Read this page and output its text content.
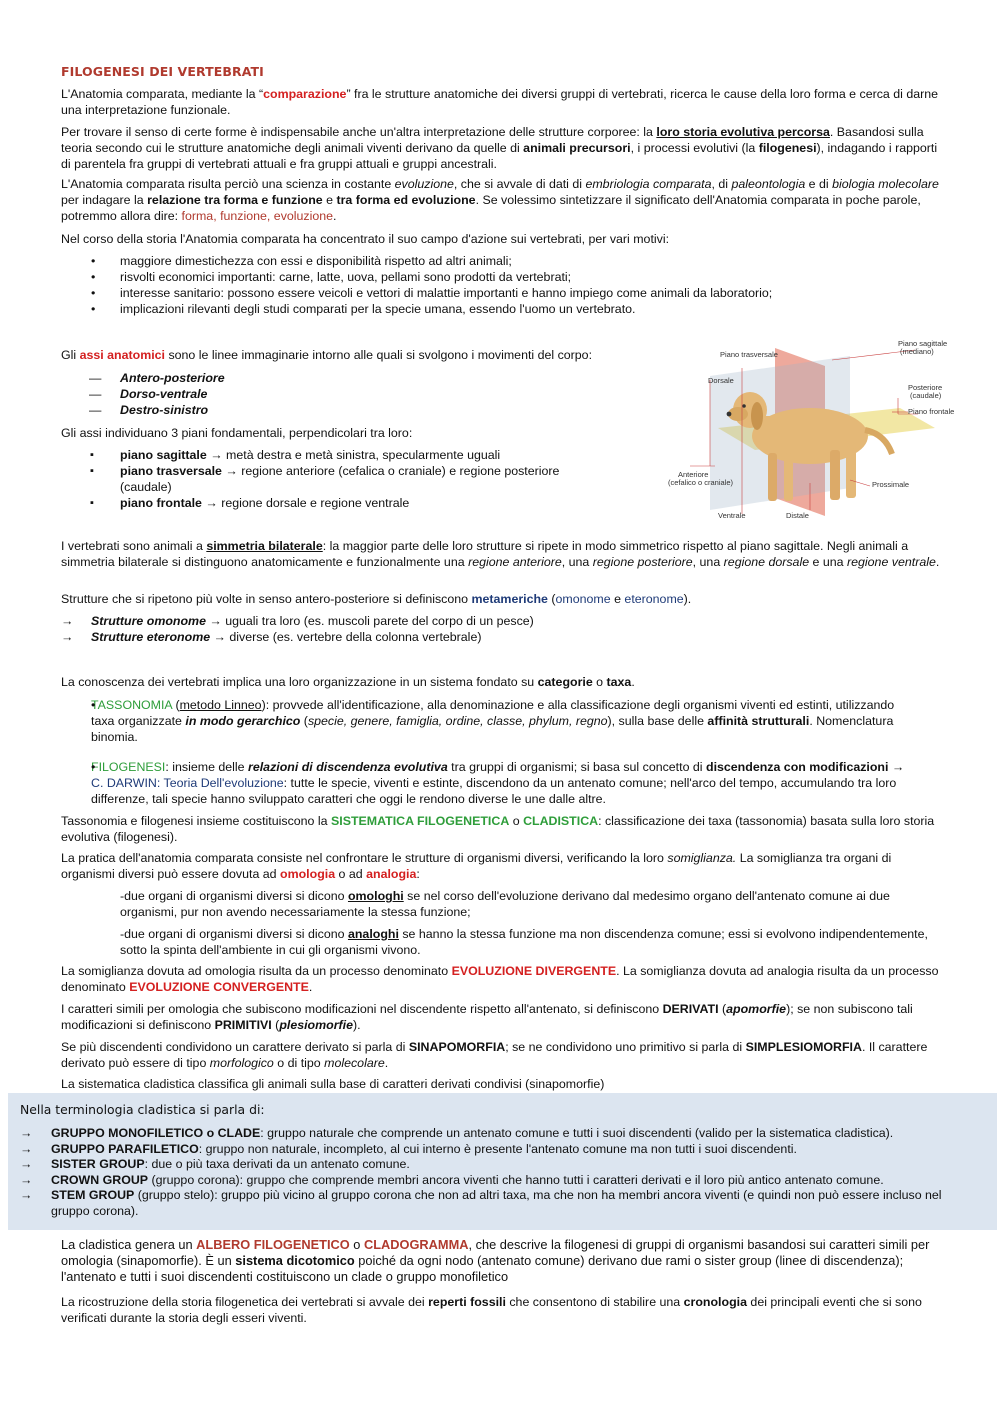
FILOGENESI DEI VERTEBRATI

L'Anatomia comparata, mediante la “comparazione” fra le strutture anatomiche dei diversi gruppi di vertebrati, ricerca le cause della loro forma e cerca di darne una interpretazione funzionale.

Per trovare il senso di certe forme è indispensabile anche un'altra interpretazione delle strutture corporee: la loro storia evolutiva percorsa. Basandosi sulla teoria secondo cui le strutture anatomiche degli animali viventi derivano da quelle di animali precursori, i processi evolutivi (la filogenesi), indagando i rapporti di parentela fra gruppi di vertebrati attuali e fra gruppi attuali e gruppi ancestrali.

L'Anatomia comparata risulta perciò una scienza in costante evoluzione, che si avvale di dati di embriologia comparata, di paleontologia e di biologia molecolare per indagare la relazione tra forma e funzione e tra forma ed evoluzione. Se volessimo sintetizzare il significato dell'Anatomia comparata in poche parole, potremmo allora dire: forma, funzione, evoluzione.

Nel corso della storia l'Anatomia comparata ha concentrato il suo campo d'azione sui vertebrati, per vari motivi:

• maggiore dimestichezza con essi e disponibilità rispetto ad altri animali;
• risvolti economici importanti: carne, latte, uova, pellami sono prodotti da vertebrati;
• interesse sanitario: possono essere veicoli e vettori di malattie importanti e hanno impiego come animali da laboratorio;
• implicazioni rilevanti degli studi comparati per la specie umana, essendo l'uomo un vertebrato.

Gli assi anatomici sono le linee immaginarie intorno alle quali si svolgono i movimenti del corpo:

— Antero-posteriore
— Dorso-ventrale
— Destro-sinistro

Gli assi individuano 3 piani fondamentali, perpendicolari tra loro:

▪ piano sagittale → metà destra e metà sinistra, specularmente uguali
▪ piano trasversale → regione anteriore (cefalica o craniale) e regione posteriore (caudale)
▪ piano frontale → regione dorsale e regione ventrale
Piano trasversale
Piano sagittale
(mediano)
Dorsale
Posteriore
(caudale)
Piano frontale
Anteriore
(cefalico o craniale)	Prossimale
Ventrale	Distale

I vertebrati sono animali a simmetria bilaterale: la maggior parte delle loro strutture si ripete in modo simmetrico rispetto al piano sagittale. Negli animali a simmetria bilaterale si distinguono anatomicamente e funzionalmente una regione anteriore, una regione posteriore, una regione dorsale e una regione ventrale.

Strutture che si ripetono più volte in senso antero-posteriore si definiscono metameriche (omonome e eteronome).

→ Strutture omonome → uguali tra loro (es. muscoli parete del corpo di un pesce)
→ Strutture eteronome → diverse (es. vertebre della colonna vertebrale)

La conoscenza dei vertebrati implica una loro organizzazione in un sistema fondato su categorie o taxa.

• TASSONOMIA (metodo Linneo): provvede all'identificazione, alla denominazione e alla classificazione degli organismi viventi ed estinti, utilizzando taxa organizzate in modo gerarchico (specie, genere, famiglia, ordine, classe, phylum, regno), sulla base delle affinità strutturali. Nomenclatura binomia.
• FILOGENESI: insieme delle relazioni di discendenza evolutiva tra gruppi di organismi; si basa sul concetto di discendenza con modificazioni → C. DARWIN: Teoria Dell'evoluzione: tutte le specie, viventi e estinte, discendono da un antenato comune; nell'arco del tempo, accumulando tra loro differenze, tali specie hanno sviluppato caratteri che oggi le rendono diverse le une dalle altre.

Tassonomia e filogenesi insieme costituiscono la SISTEMATICA FILOGENETICA o CLADISTICA: classificazione dei taxa (tassonomia) basata sulla loro storia evolutiva (filogenesi).

La pratica dell'anatomia comparata consiste nel confrontare le strutture di organismi diversi, verificando la loro somiglianza. La somiglianza tra organi di organismi diversi può essere dovuta ad omologia o ad analogia:

-due organi di organismi diversi si dicono omologhi se nel corso dell'evoluzione derivano dal medesimo organo dell'antenato comune ai due organismi, pur non avendo necessariamente la stessa funzione;

-due organi di organismi diversi si dicono analoghi se hanno la stessa funzione ma non discendenza comune; essi si evolvono indipendentemente, sotto la spinta dell'ambiente in cui gli organismi vivono.

La somiglianza dovuta ad omologia risulta da un processo denominato EVOLUZIONE DIVERGENTE. La somiglianza dovuta ad analogia risulta da un processo denominato EVOLUZIONE CONVERGENTE.

I caratteri simili per omologia che subiscono modificazioni nel discendente rispetto all'antenato, si definiscono DERIVATI (apomorfie); se non subiscono tali modificazioni si definiscono PRIMITIVI (plesiomorfie).

Se più discendenti condividono un carattere derivato si parla di SINAPOMORFIA; se ne condividono uno primitivo si parla di SIMPLESIOMORFIA. Il carattere derivato può essere di tipo morfologico o di tipo molecolare.

La sistematica cladistica classifica gli animali sulla base di caratteri derivati condivisi (sinapomorfie)

Nella terminologia cladistica si parla di:
→ GRUPPO MONOFILETICO o CLADE: gruppo naturale che comprende un antenato comune e tutti i suoi discendenti (valido per la sistematica cladistica).
→ GRUPPO PARAFILETICO: gruppo non naturale, incompleto, al cui interno è presente l'antenato comune ma non tutti i suoi discendenti.
→ SISTER GROUP: due o più taxa derivati da un antenato comune.
→ CROWN GROUP (gruppo corona): gruppo che comprende membri ancora viventi che hanno tutti i caratteri derivati e il loro più antico antenato comune.
→ STEM GROUP (gruppo stelo): gruppo più vicino al gruppo corona che non ad altri taxa, ma che non ha membri ancora viventi (e quindi non può essere incluso nel gruppo corona).

La cladistica genera un ALBERO FILOGENETICO o CLADOGRAMMA, che descrive la filogenesi di gruppi di organismi basandosi sui caratteri simili per omologia (sinapomorfie). È un sistema dicotomico poiché da ogni nodo (antenato comune) derivano due rami o sister group (linee di discendenza); l'antenato e tutti i suoi discendenti costituiscono un clade o gruppo monofiletico

La ricostruzione della storia filogenetica dei vertebrati si avvale dei reperti fossili che consentono di stabilire una cronologia dei principali eventi che si sono verificati durante la storia degli esseri viventi.
